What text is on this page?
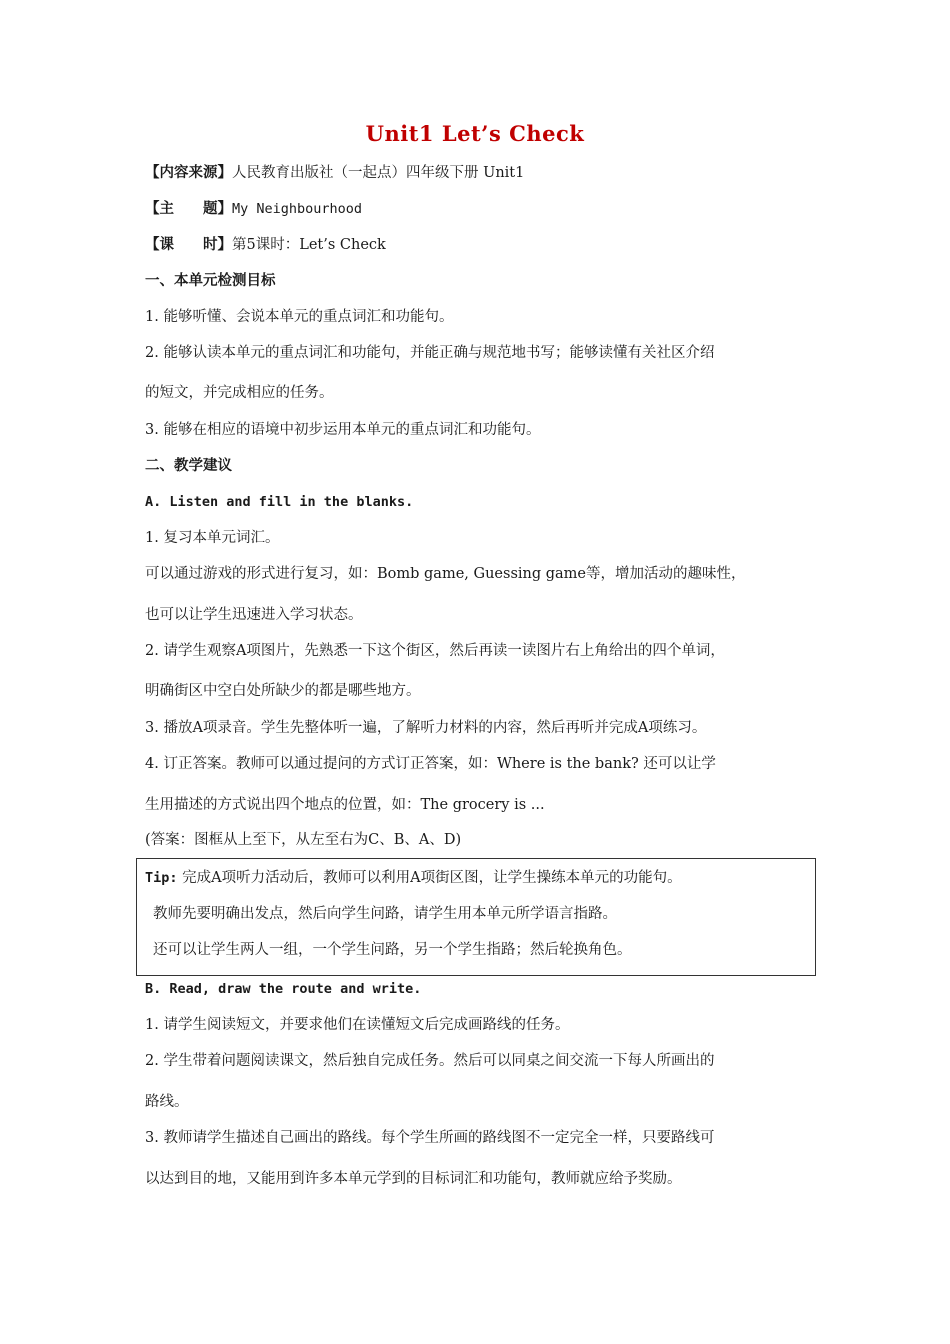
Unit1 Let’s Check
【内容来源】人民教育出版社（一起点）四年级下册 Unit1
【主　　题】My Neighbourhood
【课　　时】第5课时：Let’s Check
一、本单元检测目标
1. 能够听懂、会说本单元的重点词汇和功能句。
2. 能够认读本单元的重点词汇和功能句，并能正确与规范地书写；能够读懂有关社区介绍
的短文，并完成相应的任务。
3. 能够在相应的语境中初步运用本单元的重点词汇和功能句。
二、教学建议
A. Listen and fill in the blanks.
1. 复习本单元词汇。
可以通过游戏的形式进行复习，如：Bomb game, Guessing game等，增加活动的趣味性，
也可以让学生迅速进入学习状态。
2. 请学生观察A项图片，先熟悉一下这个街区，然后再读一读图片右上角给出的四个单词，
明确街区中空白处所缺少的都是哪些地方。
3. 播放A项录音。学生先整体听一遍，了解听力材料的内容，然后再听并完成A项练习。
4. 订正答案。教师可以通过提问的方式订正答案，如：Where is the bank? 还可以让学
生用描述的方式说出四个地点的位置，如：The grocery is ...
(答案：图框从上至下，从左至右为C、B、A、D)
Tip: 完成A项听力活动后，教师可以利用A项街区图，让学生操练本单元的功能句。
教师先要明确出发点，然后向学生问路，请学生用本单元所学语言指路。
还可以让学生两人一组，一个学生问路，另一个学生指路；然后轮换角色。
B. Read, draw the route and write.
1. 请学生阅读短文，并要求他们在读懂短文后完成画路线的任务。
2. 学生带着问题阅读课文，然后独自完成任务。然后可以同桌之间交流一下每人所画出的
路线。
3. 教师请学生描述自己画出的路线。每个学生所画的路线图不一定完全一样，只要路线可
以达到目的地，又能用到许多本单元学到的目标词汇和功能句，教师就应给予奖励。
